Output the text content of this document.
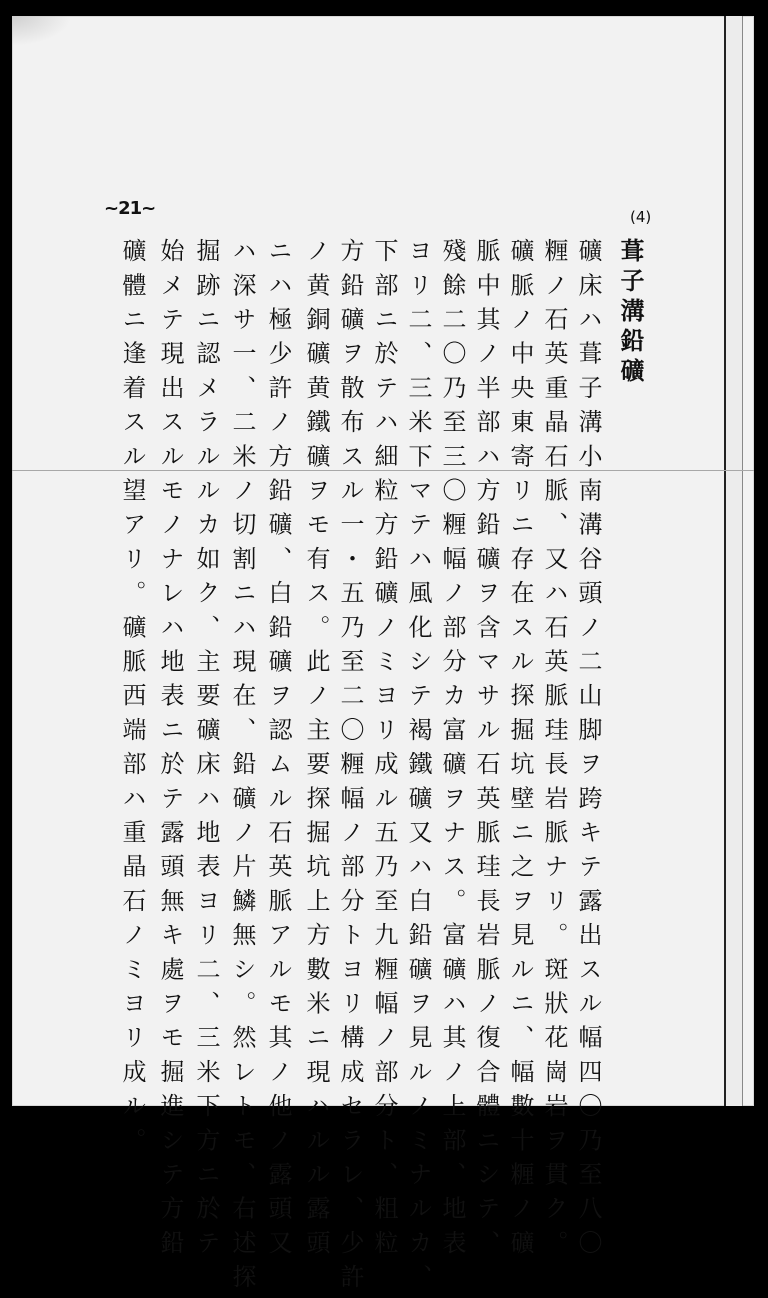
~21~	(4)
葺子溝鉛礦
礦床ハ葺子溝小南溝谷頭ノ二山脚ヲ跨キテ露出スル幅四〇乃至八〇
糎ノ石英重晶石脈、又ハ石英脈珪長岩脈ナリ。斑狀花崗岩ヲ貫ク。
礦脈ノ中央東寄リニ存在スル探掘坑壁ニ之ヲ見ルニ、幅數十糎ノ礦
脈中其ノ半部ハ方鉛礦ヲ含マサル石英脈珪長岩脈ノ復合體ニシテ、
殘餘二〇乃至三〇糎幅ノ部分カ富礦ヲナス。富礦ハ其ノ上部、地表
ヨリ二、三米下マテハ風化シテ褐鐵礦又ハ白鉛礦ヲ見ルノミナルカ、
下部ニ於テハ細粒方鉛礦ノミヨリ成ル五乃至九糎幅ノ部分ト、粗粒
方鉛礦ヲ散布スル一・五乃至二〇糎幅ノ部分トヨリ構成セラレ、少許
ノ黄銅礦黄鐵礦ヲモ有ス。此ノ主要探掘坑上方數米ニ現ハルル露頭
ニハ極少許ノ方鉛礦、白鉛礦ヲ認ムル石英脈アルモ其ノ他ノ露頭又
ハ深サ一、二米ノ切割ニハ現在、鉛礦ノ片鱗無シ。然レトモ、右述探
掘跡ニ認メラルルカ如ク、主要礦床ハ地表ヨリ二、三米下方ニ於テ
始メテ現出スルモノナレハ地表ニ於テ露頭無キ處ヲモ掘進シテ方鉛
礦體ニ逢着スル望アリ。礦脈西端部ハ重晶石ノミヨリ成ル。
